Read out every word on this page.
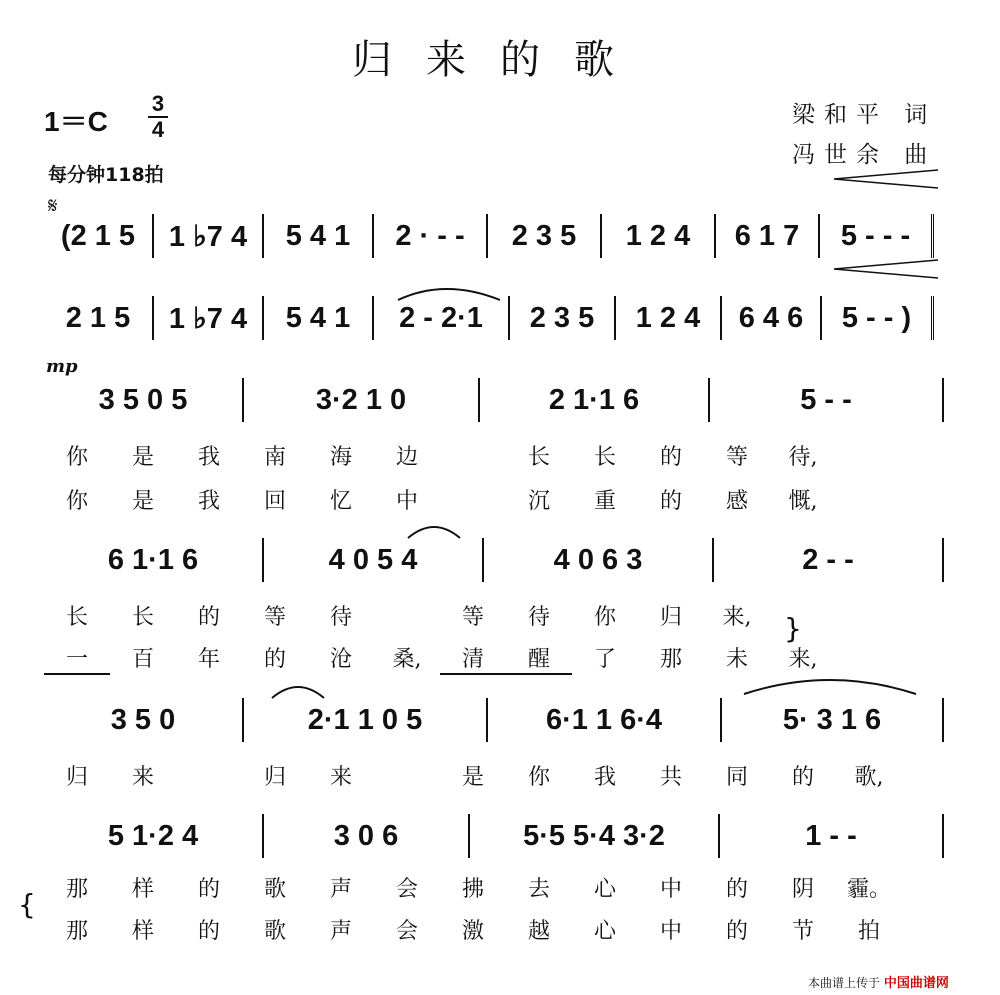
归来的歌
1＝C
3
4
每分钟118拍
梁和平 词
冯世余 曲
𝄋
(2 1 5	1 ♭7 4	5 4 1	2 · - -	2 3 5	1 2 4	6 1 7	5 - - -
2 1 5	1 ♭7 4	5 4 1	2 - 2·1	2 3 5	1 2 4	6 4 6	5 - - )
mp
3 5 0 5	3·2 1 0	2 1·1 6	5 - -
你	是	我	南	海	边	长	长	的	等	待,
你	是	我	回	忆	中	沉	重	的	感	慨,
6 1·1 6	4 0 5 4	4 0 6 3	2 - -
长	长	的	等	待	等	待	你	归	来,	}
一	百	年	的	沧	桑,	清	醒	了	那	未	来,
3 5 0	2·1 1 0 5	6·1 1 6·4	5· 3 1 6
归	来	归	来	是	你	我	共	同	的	歌,
5 1·2 4	3 0 6	5·5 5·4 3·2	1 - -
{	那	样	的	歌	声	会	拂	去	心	中	的	阴	霾。
那	样	的	歌	声	会	激	越	心	中	的	节	拍
本曲谱上传于 中国曲谱网
